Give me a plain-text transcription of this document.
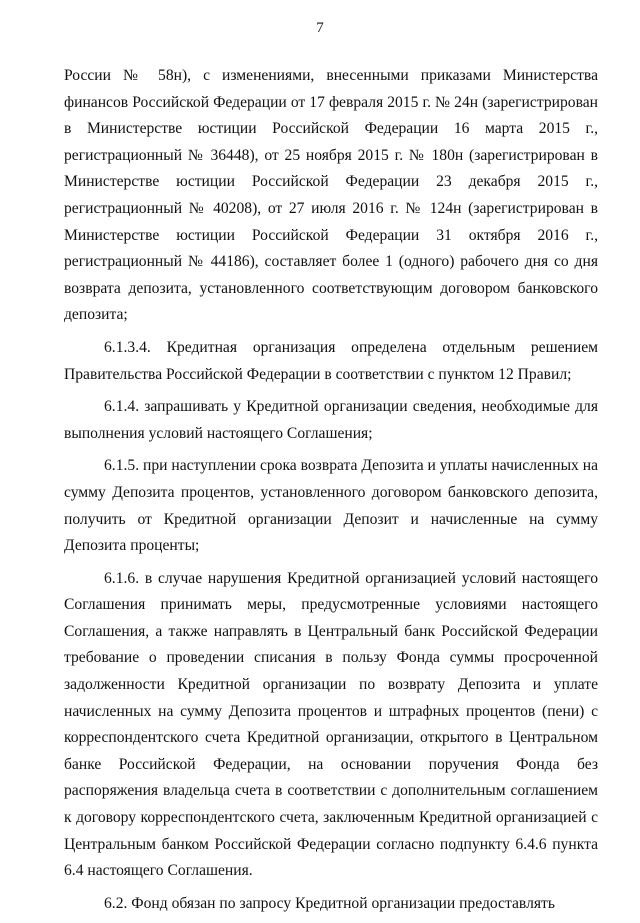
7

России № 58н), с изменениями, внесенными приказами Министерства финансов Российской Федерации от 17 февраля 2015 г. № 24н (зарегистрирован в Министерстве юстиции Российской Федерации 16 марта 2015 г., регистрационный № 36448), от 25 ноября 2015 г. № 180н (зарегистрирован в Министерстве юстиции Российской Федерации 23 декабря 2015 г., регистрационный № 40208), от 27 июля 2016 г. № 124н (зарегистрирован в Министерстве юстиции Российской Федерации 31 октября 2016 г., регистрационный № 44186), составляет более 1 (одного) рабочего дня со дня возврата депозита, установленного соответствующим договором банковского депозита;

6.1.3.4. Кредитная организация определена отдельным решением Правительства Российской Федерации в соответствии с пунктом 12 Правил;

6.1.4. запрашивать у Кредитной организации сведения, необходимые для выполнения условий настоящего Соглашения;

6.1.5. при наступлении срока возврата Депозита и уплаты начисленных на сумму Депозита процентов, установленного договором банковского депозита, получить от Кредитной организации Депозит и начисленные на сумму Депозита проценты;

6.1.6. в случае нарушения Кредитной организацией условий настоящего Соглашения принимать меры, предусмотренные условиями настоящего Соглашения, а также направлять в Центральный банк Российской Федерации требование о проведении списания в пользу Фонда суммы просроченной задолженности Кредитной организации по возврату Депозита и уплате начисленных на сумму Депозита процентов и штрафных процентов (пени) с корреспондентского счета Кредитной организации, открытого в Центральном банке Российской Федерации, на основании поручения Фонда без распоряжения владельца счета в соответствии с дополнительным соглашением к договору корреспондентского счета, заключенным Кредитной организацией с Центральным банком Российской Федерации согласно подпункту 6.4.6 пункта 6.4 настоящего Соглашения.

6.2. Фонд обязан по запросу Кредитной организации предоставлять
